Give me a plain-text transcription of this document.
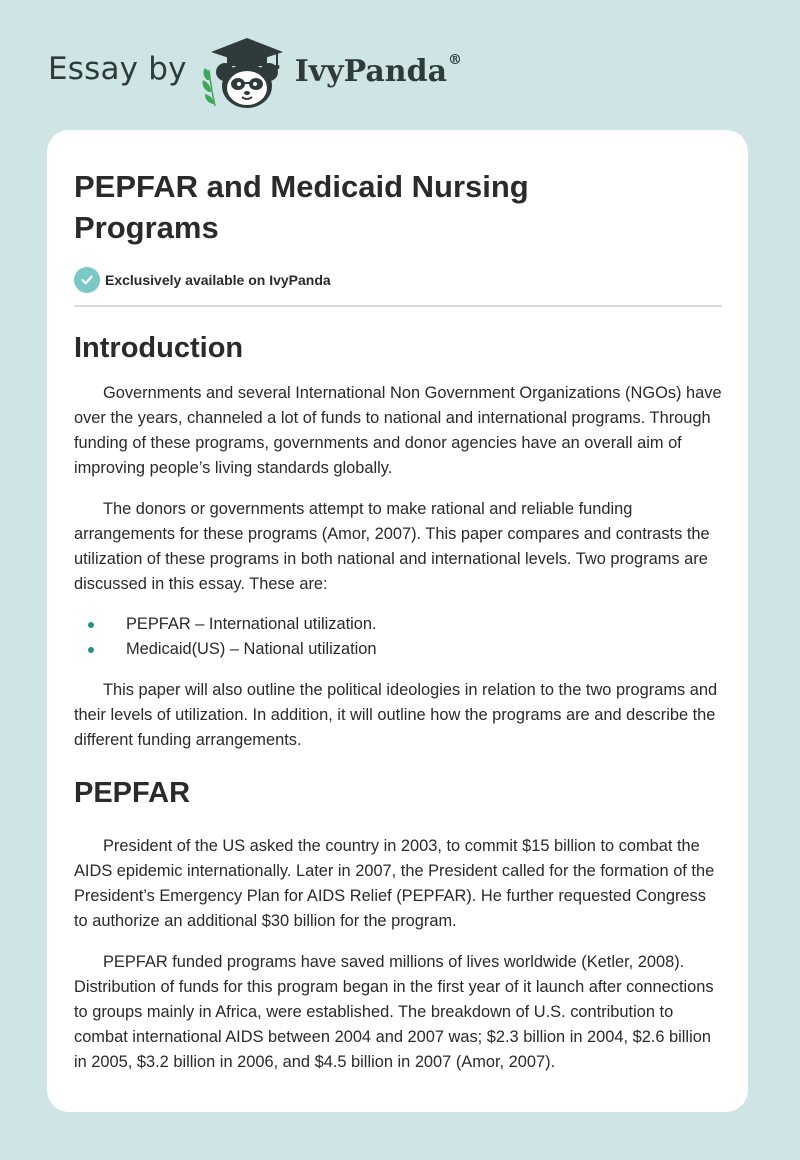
Essay by	IvyPanda®
PEPFAR and Medicaid Nursing Programs
Exclusively available on IvyPanda
Introduction

Governments and several International Non Government Organizations (NGOs) have over the years, channeled a lot of funds to national and international programs. Through funding of these programs, governments and donor agencies have an overall aim of improving people’s living standards globally.

The donors or governments attempt to make rational and reliable funding arrangements for these programs (Amor, 2007). This paper compares and contrasts the utilization of these programs in both national and international levels. Two programs are discussed in this essay. These are:

PEPFAR – International utilization.
Medicaid(US) – National utilization

This paper will also outline the political ideologies in relation to the two programs and their levels of utilization. In addition, it will outline how the programs are and describe the different funding arrangements.

PEPFAR

President of the US asked the country in 2003, to commit $15 billion to combat the AIDS epidemic internationally. Later in 2007, the President called for the formation of the President’s Emergency Plan for AIDS Relief (PEPFAR). He further requested Congress to authorize an additional $30 billion for the program.

PEPFAR funded programs have saved millions of lives worldwide (Ketler, 2008). Distribution of funds for this program began in the first year of it launch after connections to groups mainly in Africa, were established. The breakdown of U.S. contribution to combat international AIDS between 2004 and 2007 was; $2.3 billion in 2004, $2.6 billion in 2005, $3.2 billion in 2006, and $4.5 billion in 2007 (Amor, 2007).
